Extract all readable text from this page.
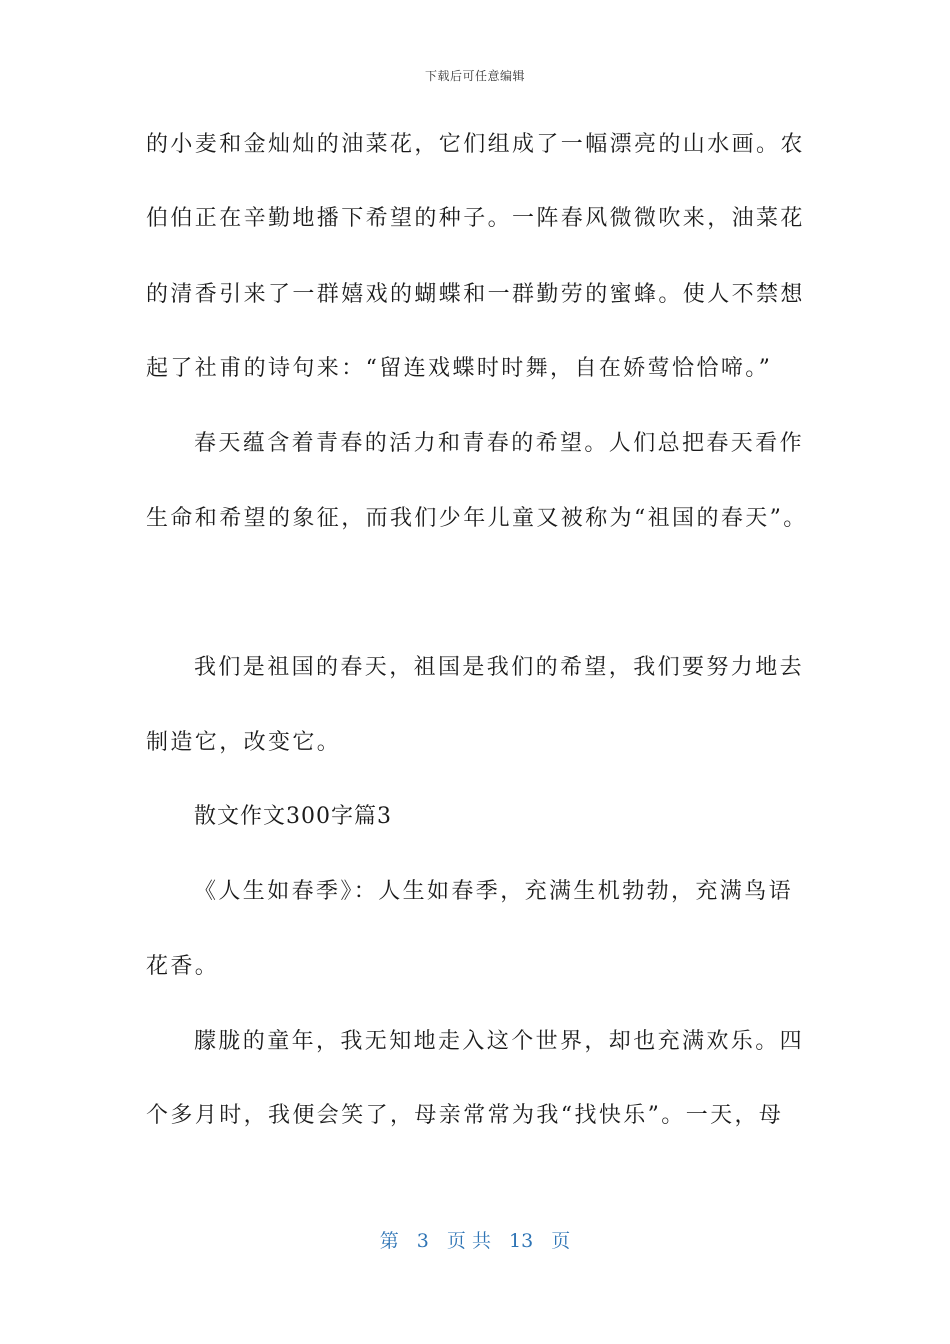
下载后可任意编辑
的小麦和金灿灿的油菜花，它们组成了一幅漂亮的山水画。农
伯伯正在辛勤地播下希望的种子。一阵春风微微吹来，油菜花
的清香引来了一群嬉戏的蝴蝶和一群勤劳的蜜蜂。使人不禁想
起了社甫的诗句来：“留连戏蝶时时舞，自在娇莺恰恰啼。”
春天蕴含着青春的活力和青春的希望。人们总把春天看作
生命和希望的象征，而我们少年儿童又被称为“祖国的春天”。
我们是祖国的春天，祖国是我们的希望，我们要努力地去
制造它，改变它。
散文作文300字篇3
《人生如春季》：人生如春季，充满生机勃勃，充满鸟语
花香。
朦胧的童年，我无知地走入这个世界，却也充满欢乐。四
个多月时，我便会笑了，母亲常常为我“找快乐”。一天，母
第 3 页 共 13 页
